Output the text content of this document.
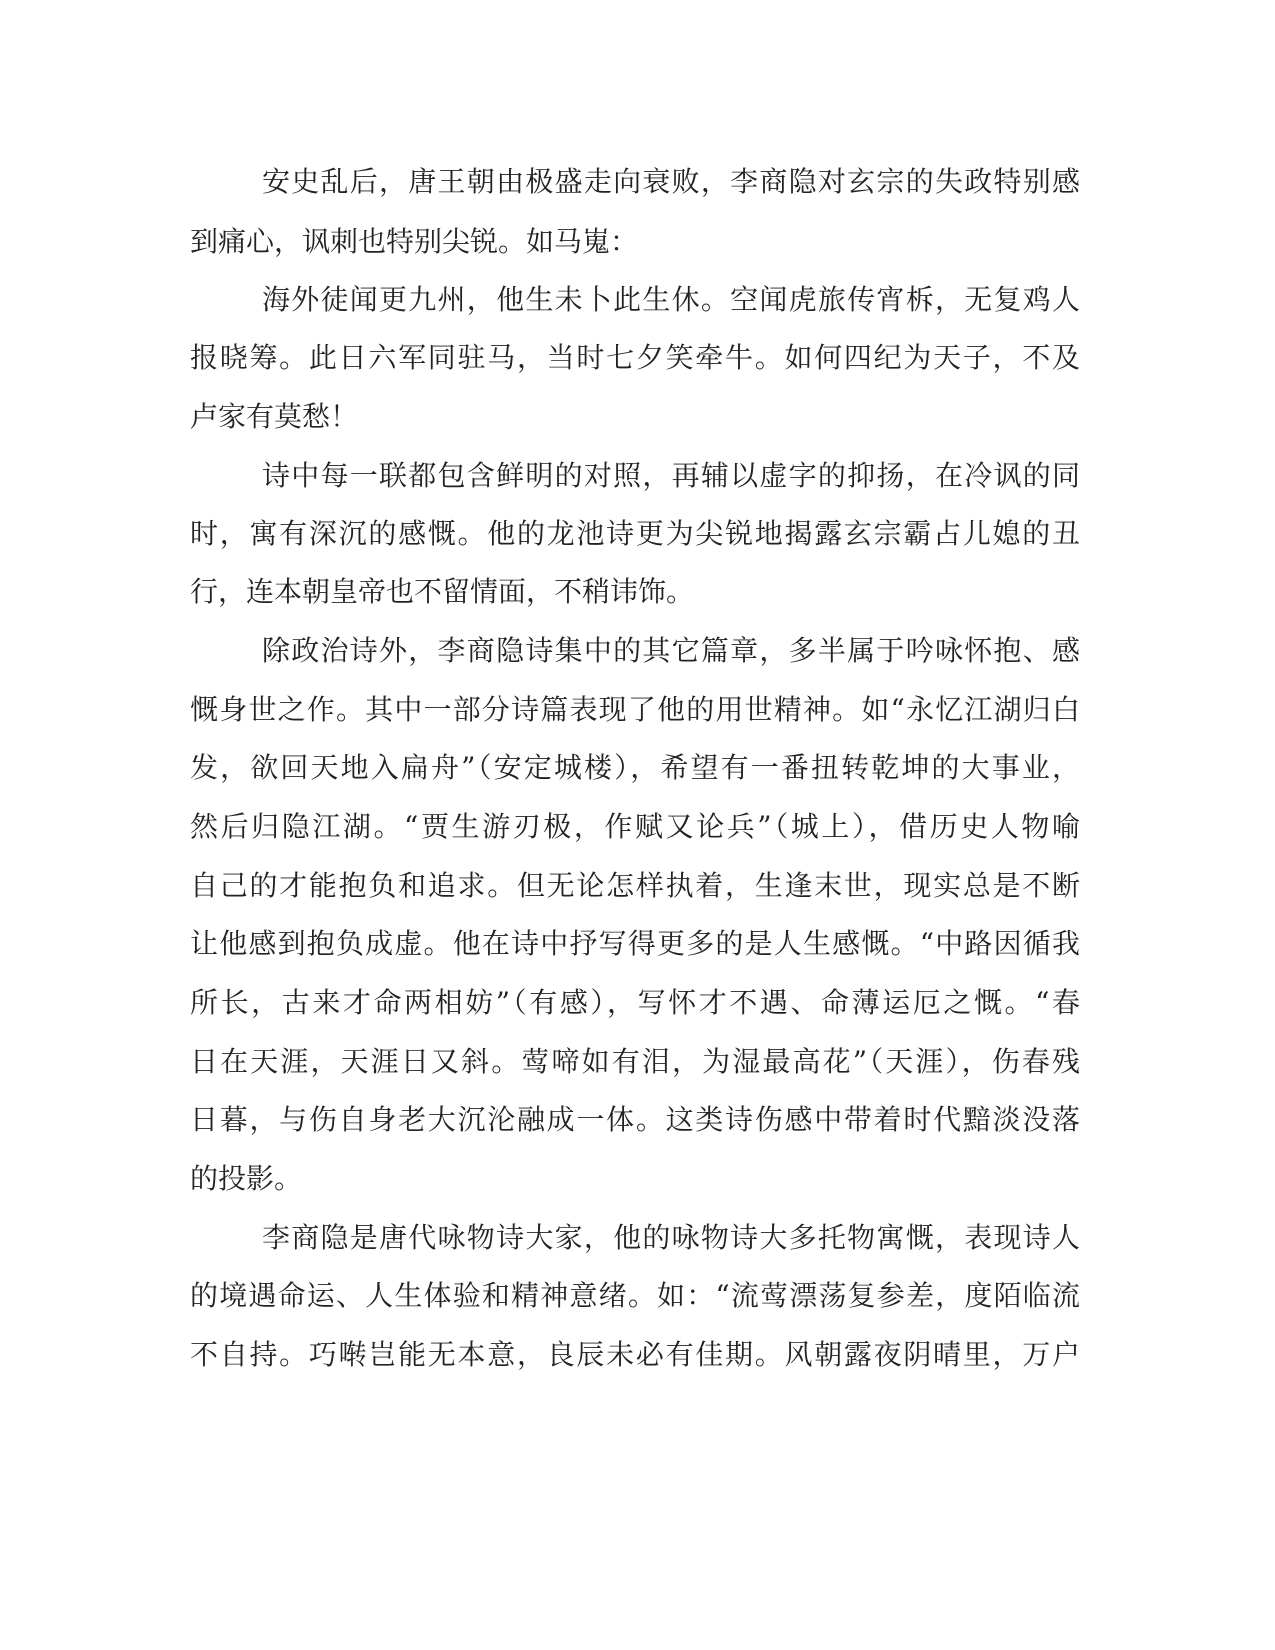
安史乱后，唐王朝由极盛走向衰败，李商隐对玄宗的失政特别感

到痛心，讽刺也特别尖锐。如马嵬：

海外徒闻更九州，他生未卜此生休。空闻虎旅传宵柝，无复鸡人

报晓筹。此日六军同驻马，当时七夕笑牵牛。如何四纪为天子，不及

卢家有莫愁！

诗中每一联都包含鲜明的对照，再辅以虚字的抑扬，在冷讽的同

时，寓有深沉的感慨。他的龙池诗更为尖锐地揭露玄宗霸占儿媳的丑

行，连本朝皇帝也不留情面，不稍讳饰。

除政治诗外，李商隐诗集中的其它篇章，多半属于吟咏怀抱、感

慨身世之作。其中一部分诗篇表现了他的用世精神。如“永忆江湖归白

发，欲回天地入扁舟”（安定城楼），希望有一番扭转乾坤的大事业，

然后归隐江湖。“贾生游刃极，作赋又论兵”（城上），借历史人物喻

自己的才能抱负和追求。但无论怎样执着，生逢末世，现实总是不断

让他感到抱负成虚。他在诗中抒写得更多的是人生感慨。“中路因循我

所长，古来才命两相妨”（有感），写怀才不遇、命薄运厄之慨。“春

日在天涯，天涯日又斜。莺啼如有泪，为湿最高花”（天涯），伤春残

日暮，与伤自身老大沉沦融成一体。这类诗伤感中带着时代黯淡没落

的投影。

李商隐是唐代咏物诗大家，他的咏物诗大多托物寓慨，表现诗人

的境遇命运、人生体验和精神意绪。如：“流莺漂荡复参差，度陌临流

不自持。巧啭岂能无本意，良辰未必有佳期。风朝露夜阴晴里，万户
